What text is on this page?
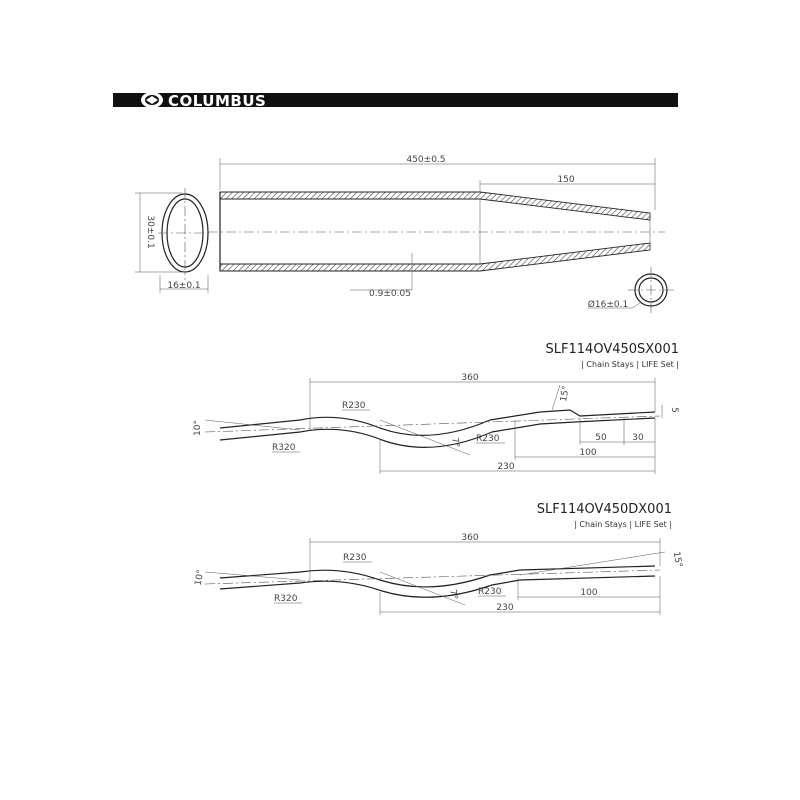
COLUMBUS
30±0.1
16±0.1
450±0.5
150
0.9±0.05
Ø16±0.1
SLF114OV450SX001
| Chain Stays | LIFE Set |
360
15°
5
R230
10°
R320	7° R230	50	30
100
230
SLF114OV450DX001
| Chain Stays | LIFE Set |
360
R230	15°
10°
R320	7° R230	100
230
